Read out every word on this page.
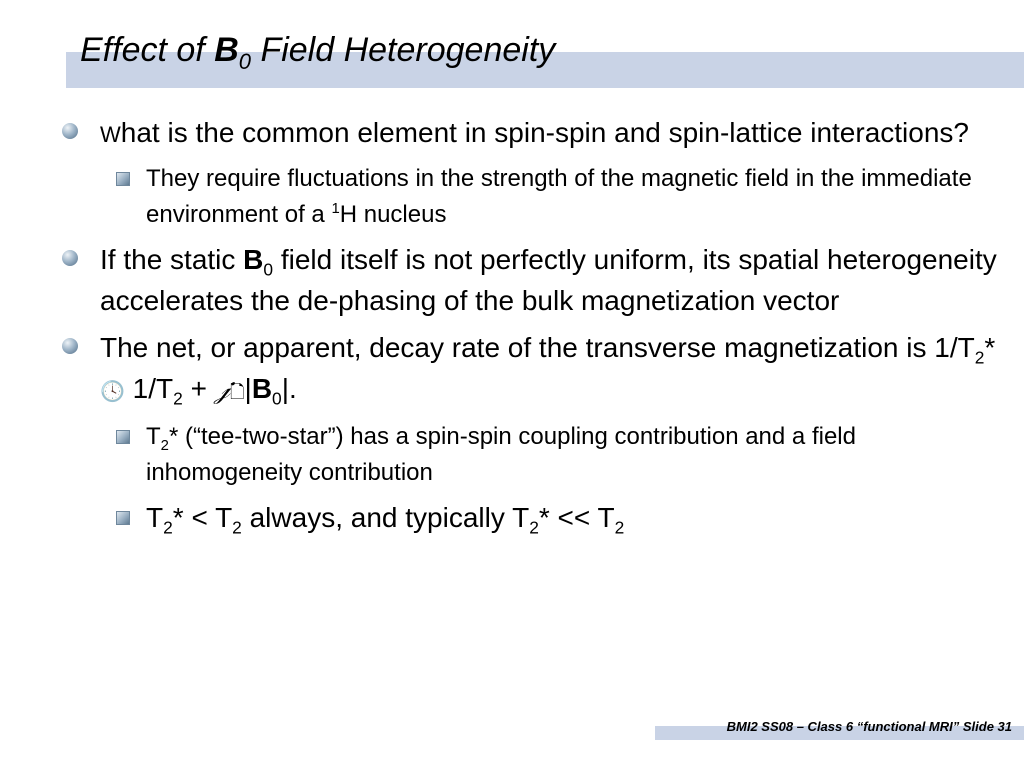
Effect of $B_0$ Field Heterogeneity
What is the common element in spin-spin and spin-lattice interactions?
They require fluctuations in the strength of the magnetic field in the immediate environment of a $^1$H nucleus
If the static $B_0$ field itself is not perfectly uniform, its spatial heterogeneity accelerates the de-phasing of the bulk magnetization vector
The net, or apparent, decay rate of the transverse magnetization is $1/T_2*$ 🕓 $1/T_2$ + $𝒿🗋|B_0|$.
$T_2*$ (“tee-two-star”) has a spin-spin coupling contribution and a field inhomogeneity contribution
$T_2* < T_2$ always, and typically $T_2* << T_2$
BMI2 SS08 – Class 6 “functional MRI” Slide 31
